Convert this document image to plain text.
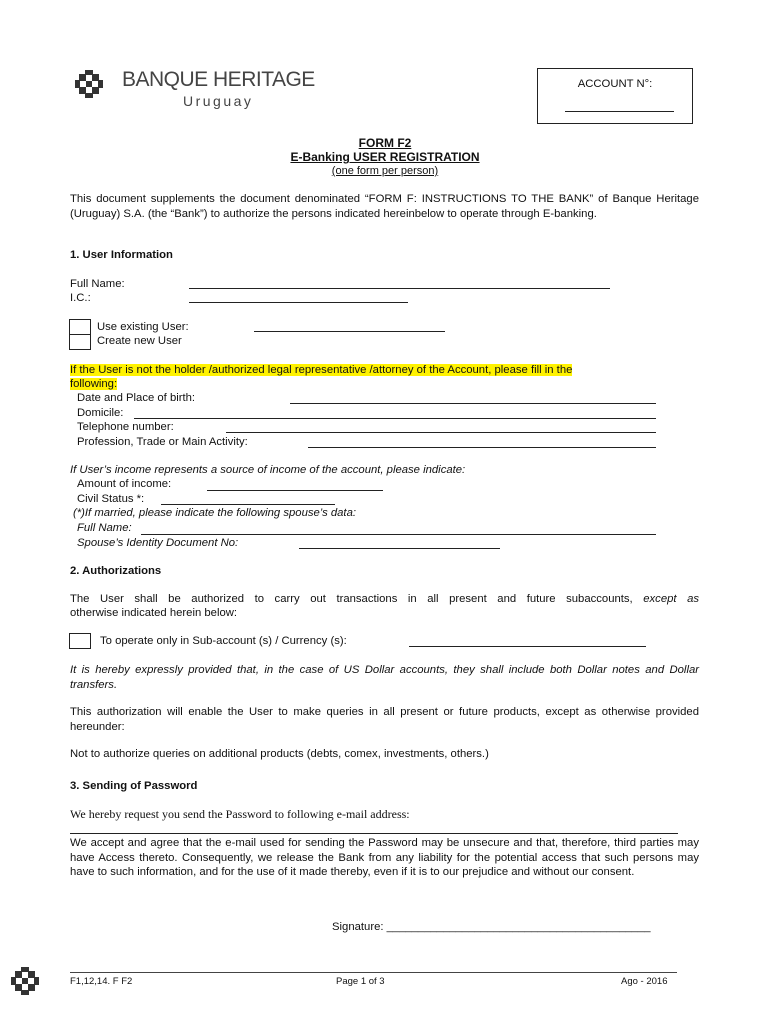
BANQUE HERITAGE
Uruguay
ACCOUNT N°:
FORM F2
E-Banking USER REGISTRATION
(one form per person)
This document supplements the document denominated “FORM F: INSTRUCTIONS TO THE BANK” of Banque Heritage (Uruguay) S.A. (the “Bank”) to authorize the persons indicated hereinbelow to operate through E-banking.
1. User Information
Full Name:
I.C.:
Use existing User:
Create new User
If the User is not the holder /authorized legal representative /attorney of the Account, please fill in the
following:
Date and Place of birth:
Domicile:
Telephone number:
Profession, Trade or Main Activity:
If User’s income represents a source of income of the account, please indicate:
Amount of income:
Civil Status *:
(*)If married, please indicate the following spouse’s data:
Full Name:
Spouse’s Identity Document No:
2. Authorizations
The User shall be authorized to carry out transactions in all present and future subaccounts, except as
otherwise indicated herein below:
To operate only in Sub-account (s) / Currency (s):
It is hereby expressly provided that, in the case of US Dollar accounts, they shall include both Dollar notes and Dollar transfers.
This authorization will enable the User to make queries in all present or future products, except as otherwise provided hereunder:
Not to authorize queries on additional products (debts, comex, investments, others.)
3. Sending of Password
We hereby request you send the Password to following e-mail address:
We accept and agree that the e-mail used for sending the Password may be unsecure and that, therefore, third parties may have Access thereto. Consequently, we release the Bank from any liability for the potential access that such persons may have to such information, and for the use of it made thereby, even if it is to our prejudice and without our consent.
Signature: __________________________________________
F1,12,14. F F2	Page 1 of 3	Ago - 2016
